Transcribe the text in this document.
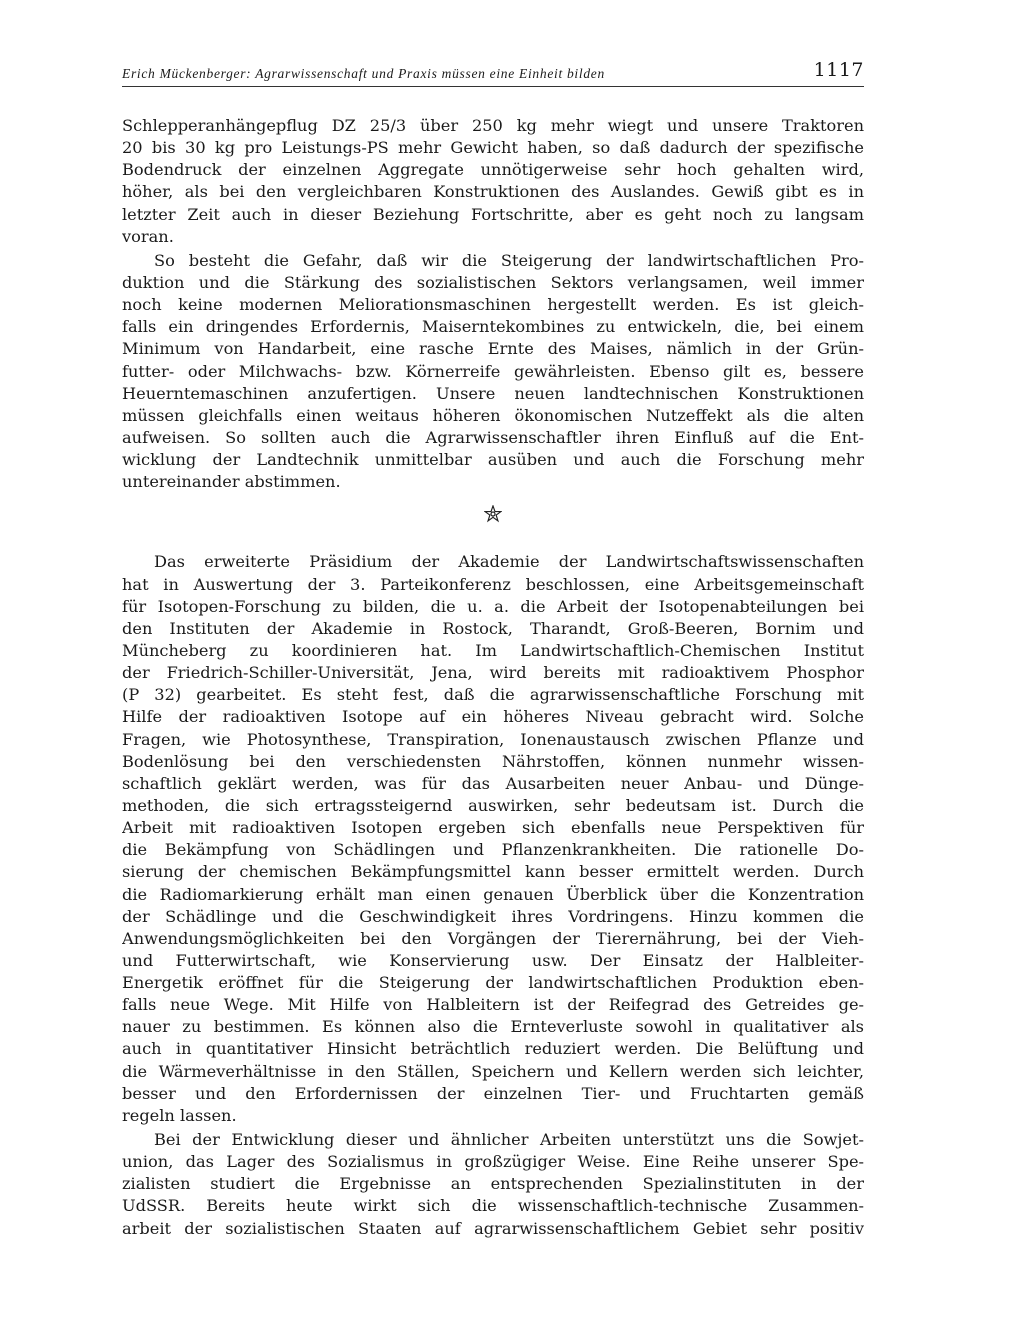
Erich Mückenberger: Agrarwissenschaft und Praxis müssen eine Einheit bilden	1117
Schlepperanhängepflug DZ 25/3 über 250 kg mehr wiegt und unsere Traktoren
20 bis 30 kg pro Leistungs-PS mehr Gewicht haben, so daß dadurch der spezifische
Bodendruck der einzelnen Aggregate unnötigerweise sehr hoch gehalten wird,
höher, als bei den vergleichbaren Konstruktionen des Auslandes. Gewiß gibt es in
letzter Zeit auch in dieser Beziehung Fortschritte, aber es geht noch zu langsam
voran.
So besteht die Gefahr, daß wir die Steigerung der landwirtschaftlichen Pro-
duktion und die Stärkung des sozialistischen Sektors verlangsamen, weil immer
noch keine modernen Meliorationsmaschinen hergestellt werden. Es ist gleich-
falls ein dringendes Erfordernis, Maiserntekombines zu entwickeln, die, bei einem
Minimum von Handarbeit, eine rasche Ernte des Maises, nämlich in der Grün-
futter- oder Milchwachs- bzw. Körnerreife gewährleisten. Ebenso gilt es, bessere
Heuerntemaschinen anzufertigen. Unsere neuen landtechnischen Konstruktionen
müssen gleichfalls einen weitaus höheren ökonomischen Nutzeffekt als die alten
aufweisen. So sollten auch die Agrarwissenschaftler ihren Einfluß auf die Ent-
wicklung der Landtechnik unmittelbar ausüben und auch die Forschung mehr
untereinander abstimmen.
Das erweiterte Präsidium der Akademie der Landwirtschaftswissenschaften
hat in Auswertung der 3. Parteikonferenz beschlossen, eine Arbeitsgemeinschaft
für Isotopen-Forschung zu bilden, die u. a. die Arbeit der Isotopenabteilungen bei
den Instituten der Akademie in Rostock, Tharandt, Groß-Beeren, Bornim und
Müncheberg zu koordinieren hat. Im Landwirtschaftlich-Chemischen Institut
der Friedrich-Schiller-Universität, Jena, wird bereits mit radioaktivem Phosphor
(P 32) gearbeitet. Es steht fest, daß die agrarwissenschaftliche Forschung mit
Hilfe der radioaktiven Isotope auf ein höheres Niveau gebracht wird. Solche
Fragen, wie Photosynthese, Transpiration, Ionenaustausch zwischen Pflanze und
Bodenlösung bei den verschiedensten Nährstoffen, können nunmehr wissen-
schaftlich geklärt werden, was für das Ausarbeiten neuer Anbau- und Dünge-
methoden, die sich ertragssteigernd auswirken, sehr bedeutsam ist. Durch die
Arbeit mit radioaktiven Isotopen ergeben sich ebenfalls neue Perspektiven für
die Bekämpfung von Schädlingen und Pflanzenkrankheiten. Die rationelle Do-
sierung der chemischen Bekämpfungsmittel kann besser ermittelt werden. Durch
die Radiomarkierung erhält man einen genauen Überblick über die Konzentration
der Schädlinge und die Geschwindigkeit ihres Vordringens. Hinzu kommen die
Anwendungsmöglichkeiten bei den Vorgängen der Tierernährung, bei der Vieh-
und Futterwirtschaft, wie Konservierung usw. Der Einsatz der Halbleiter-
Energetik eröffnet für die Steigerung der landwirtschaftlichen Produktion eben-
falls neue Wege. Mit Hilfe von Halbleitern ist der Reifegrad des Getreides ge-
nauer zu bestimmen. Es können also die Ernteverluste sowohl in qualitativer als
auch in quantitativer Hinsicht beträchtlich reduziert werden. Die Belüftung und
die Wärmeverhältnisse in den Ställen, Speichern und Kellern werden sich leichter,
besser und den Erfordernissen der einzelnen Tier- und Fruchtarten gemäß
regeln lassen.
Bei der Entwicklung dieser und ähnlicher Arbeiten unterstützt uns die Sowjet-
union, das Lager des Sozialismus in großzügiger Weise. Eine Reihe unserer Spe-
zialisten studiert die Ergebnisse an entsprechenden Spezialinstituten in der
UdSSR. Bereits heute wirkt sich die wissenschaftlich-technische Zusammen-
arbeit der sozialistischen Staaten auf agrarwissenschaftlichem Gebiet sehr positiv
